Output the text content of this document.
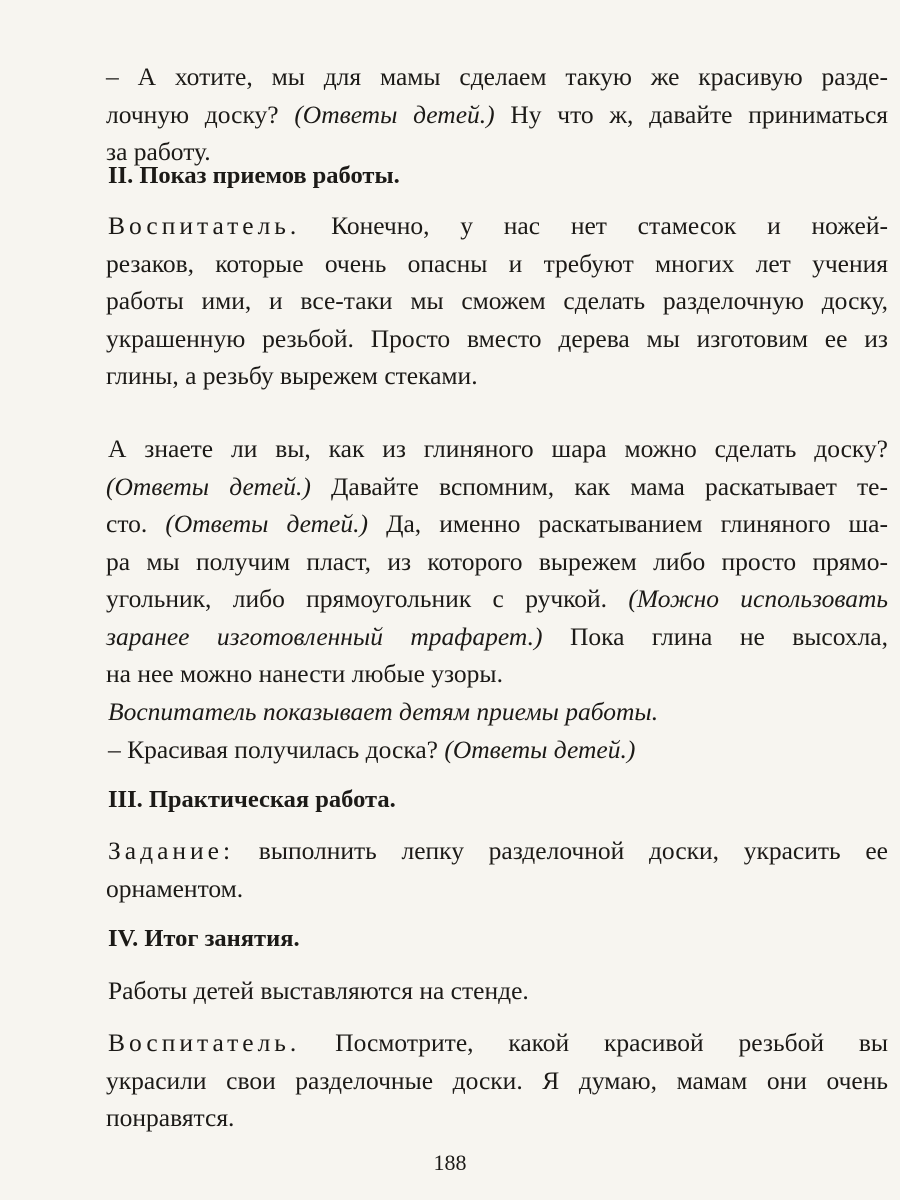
– А хотите, мы для мамы сделаем такую же красивую разде-
лочную доску? (Ответы детей.) Ну что ж, давайте приниматься
за работу.
II. Показ приемов работы.
Воспитатель. Конечно, у нас нет стамесок и ножей-
резаков, которые очень опасны и требуют многих лет учения
работы ими, и все-таки мы сможем сделать разделочную доску,
украшенную резьбой. Просто вместо дерева мы изготовим ее из
глины, а резьбу вырежем стеками.
А знаете ли вы, как из глиняного шара можно сделать доску?
(Ответы детей.) Давайте вспомним, как мама раскатывает те-
сто. (Ответы детей.) Да, именно раскатыванием глиняного ша-
ра мы получим пласт, из которого вырежем либо просто прямо-
угольник, либо прямоугольник с ручкой. (Можно использовать
заранее изготовленный трафарет.) Пока глина не высохла,
на нее можно нанести любые узоры.
Воспитатель показывает детям приемы работы.
– Красивая получилась доска? (Ответы детей.)
III. Практическая работа.
Задание: выполнить лепку разделочной доски, украсить ее
орнаментом.
IV. Итог занятия.
Работы детей выставляются на стенде.
Воспитатель. Посмотрите, какой красивой резьбой вы
украсили свои разделочные доски. Я думаю, мамам они очень
понравятся.
188
